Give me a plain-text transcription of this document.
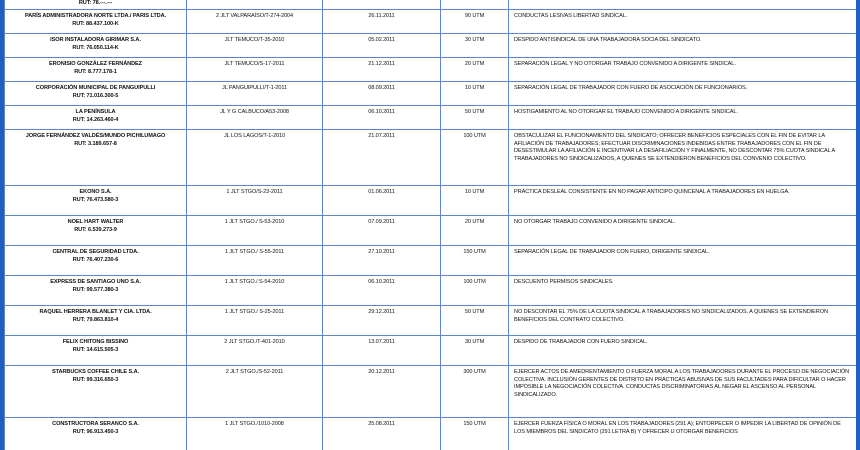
RUT: 78.---.---				

PARÍS ADMINISTRADORA NORTE LTDA./ PARIS LTDA.
RUT: 88.437.100-K	2 JLT VALPARAÍSO/T-274-2004	26.11.2011	90 UTM	CONDUCTAS LESIVAS LIBERTAD SINDICAL.
ISOR INSTALADORA GIRIMAR S.A.
RUT: 76.050.114-K	JLT TEMUCO/T-35-2010	05.02.2011	30 UTM	DESPIDO ANTISINDICAL DE UNA TRABAJADORA SOCIA DEL SINDICATO.
ERONISIO GONZÁLEZ FERNÁNDEZ
RUT: 8.777.178-1	JLT TEMUCO/S-17-2011	21.12.2011	20 UTM	SEPARACIÓN LEGAL Y NO OTORGAR TRABAJO CONVENIDO A DIRIGENTE SINDICAL.
CORPORACIÓN MUNICIPAL DE PANGUIPULLI
RUT: 71.016.300-5	JL PANGUIPULLI/T-1-2011	08.09.2011	10 UTM	SEPARACIÓN LEGAL DE TRABAJADOR CON FUERO DE ASOCIACIÓN DE FUNCIONARIOS.
LA PENÍNSULA
RUT: 14.263.460-4	JL Y G CALBUCO/A53-2008	06.10.2011	50 UTM	HOSTIGAMIENTO AL NO OTORGAR EL TRABAJO CONVENIDO A DIRIGENTE SINDICAL.
JORGE FERNÁNDEZ VALDÉS/MUNDO PICHILUMAGO
RUT: 3.189.657-8	JL LOS LAGOS/T-1-2010	21.07.2011	100 UTM	OBSTACULIZAR EL FUNCIONAMIENTO DEL SINDICATO; OFRECER BENEFICIOS ESPECIALES CON EL FIN DE EVITAR LA AFILIACIÓN DE TRABAJADORES; EFECTUAR DISCRIMINACIONES INDEBIDAS ENTRE TRABAJADORES CON EL FIN DE DESESTIMULAR LA AFILIACIÓN E INCENTIVAR LA DESAFILIACIÓN Y FINALMENTE, NO DESCONTAR 75% CUOTA SINDICAL A TRABAJADORES NO SINDICALIZADOS, A QUIENES SE EXTENDIERON BENEFICIOS DEL CONVENIO COLECTIVO.
EKONO S.A.
RUT: 76.473.580-3	1 JLT STGO/S-23-2011	01.06.2011	10 UTM	PRÁCTICA DESLEAL CONSISTENTE EN NO PAGAR ANTICIPO QUINCENAL A TRABAJADORES EN HUELGA.
NOEL HART WALTER
RUT: 6.539.273-9	1 JLT STGO./ S-53-2010	07.09.2011	20 UTM	NO OTORGAR TRABAJO CONVENIDO A DIRIGENTE SINDICAL.
CENTRAL DE SEGURIDAD LTDA.
RUT: 76.407.230-6	1 JLT STGO./ S-55-2011	27.10.2011	150 UTM	SEPARACIÓN LEGAL DE TRABAJADOR CON FUERO, DIRIGENTE SINDICAL.
EXPRESS DE SANTIAGO UNO S.A.
RUT: 99.577.380-3	1 JLT STGO./ S-54-2010	06.10.2011	100 UTM	DESCUENTO PERMISOS SINDICALES.
RAQUEL HERRERA BLANLET Y CIA. LTDA.
RUT: 79.863.810-4	1 JLT STGO./ S-25-2011	29.12.2011	50 UTM	NO DESCONTAR EL 75% DE LA CUOTA SINDICAL A TRABAJADORES NO SINDICALIZADOS, A QUIENES SE EXTENDIERON BENEFICIOS DEL CONTRATO COLECTIVO.
FELIX CHITONG BISSINO
RUT: 14.615.505-3	2 JLT STGO./T-401-2010	13.07.2011	30 UTM	DESPIDO DE TRABAJADOR CON FUERO SINDICAL.
STARBUCKS COFFEE CHILE S.A.
RUT: 99.316.650-3	2 JLT STGO./S-52-2011	20.12.2011	300 UTM	EJERCER ACTOS DE AMEDRENTAMIENTO O FUERZA MORAL A LOS TRABAJADORES DURANTE EL PROCESO DE NEGOCIACIÓN COLECTIVA. INCLUSIÓN GERENTES DE DISTRITO EN PRÁCTICAS ABUSIVAS DE SUS FACULTADES PARA DIFICULTAR O HACER IMPOSIBLE LA NEGOCIACIÓN COLECTIVA. CONDUCTAS DISCRIMINATORIAS AL NEGAR EL ASCENSO AL PERSONAL SINDICALIZADO.
CONSTRUCTORA SERANCO S.A.
RUT: 96.913.450-3	1 JLT STGO./1010-2008	25.08.2011	150 UTM	EJERCER FUERZA FÍSICA O MORAL EN LOS TRABAJADORES (291 A); ENTORPECER O IMPEDIR LA LIBERTAD DE OPINIÓN DE LOS MIEMBROS DEL SINDICATO (291 LETRA B) Y OFRECER U OTORGAR BENEFICIOS
